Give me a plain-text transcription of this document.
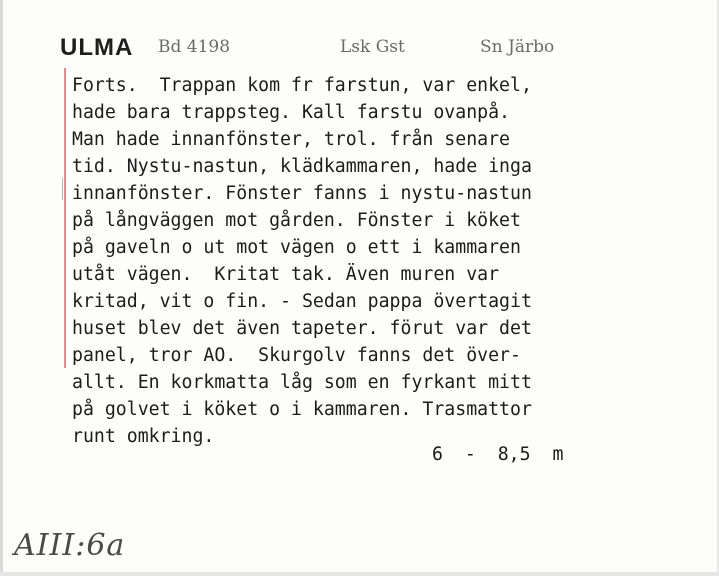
ULMA Bd 4198	Lsk Gst	Sn Järbo
Forts.  Trappan kom fr farstun, var enkel,
hade bara trappsteg. Kall farstu ovanpå.
Man hade innanfönster, trol. från senare
tid. Nystu-nastun, klädkammaren, hade inga
innanfönster. Fönster fanns i nystu-nastun
på långväggen mot gården. Fönster i köket
på gaveln o ut mot vägen o ett i kammaren
utåt vägen.  Kritat tak. Även muren var
kritad, vit o fin. - Sedan pappa övertagit
huset blev det även tapeter. förut var det
panel, tror AO.  Skurgolv fanns det över-
allt. En korkmatta låg som en fyrkant mitt
på golvet i köket o i kammaren. Trasmattor
runt omkring.
6  -  8,5  m
AIII:6a
